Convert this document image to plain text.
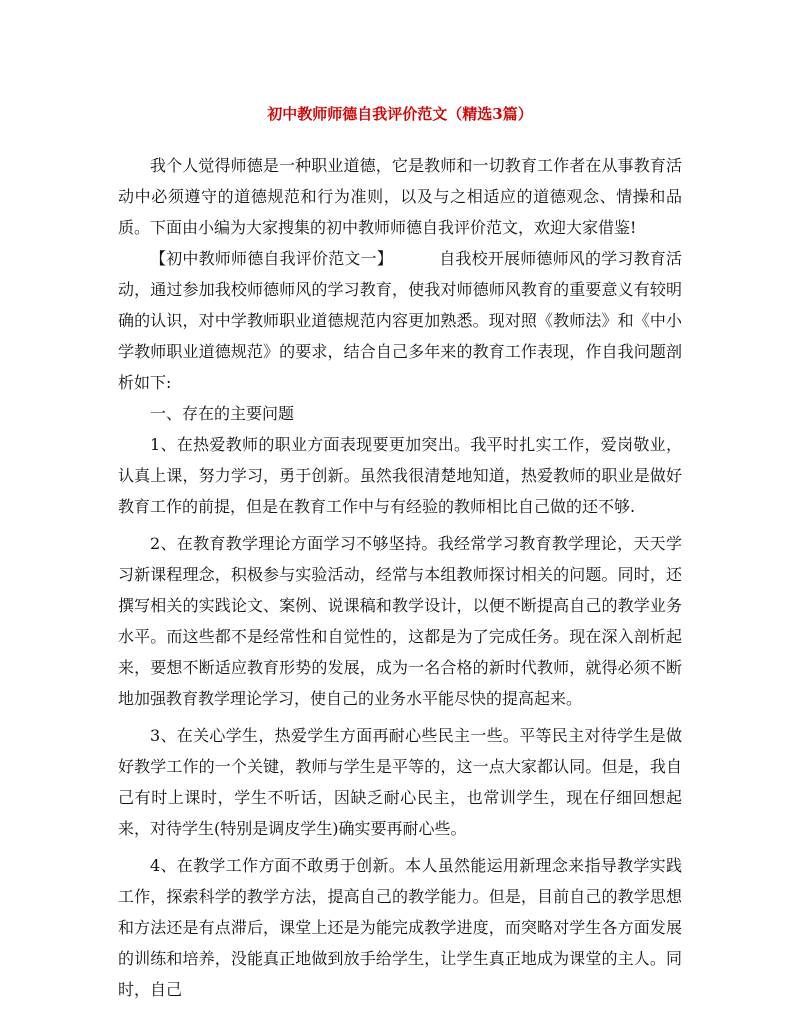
初中教师师德自我评价范文（精选3篇）

我个人觉得师德是一种职业道德，它是教师和一切教育工作者在从事教育活动中必须遵守的道德规范和行为准则，以及与之相适应的道德观念、情操和品质。下面由小编为大家搜集的初中教师师德自我评价范文，欢迎大家借鉴!

【初中教师师德自我评价范文一】	自我校开展师德师风的学习教育活动，通过参加我校师德师风的学习教育，使我对师德师风教育的重要意义有较明确的认识，对中学教师职业道德规范内容更加熟悉。现对照《教师法》和《中小学教师职业道德规范》的要求，结合自己多年来的教育工作表现，作自我问题剖析如下:

一、存在的主要问题

1、在热爱教师的职业方面表现要更加突出。我平时扎实工作，爱岗敬业，认真上课，努力学习，勇于创新。虽然我很清楚地知道，热爱教师的职业是做好教育工作的前提，但是在教育工作中与有经验的教师相比自己做的还不够.

2、在教育教学理论方面学习不够坚持。我经常学习教育教学理论，天天学习新课程理念，积极参与实验活动，经常与本组教师探讨相关的问题。同时，还撰写相关的实践论文、案例、说课稿和教学设计，以便不断提高自己的教学业务水平。而这些都不是经常性和自觉性的，这都是为了完成任务。现在深入剖析起来，要想不断适应教育形势的发展，成为一名合格的新时代教师，就得必须不断地加强教育教学理论学习，使自己的业务水平能尽快的提高起来。

3、在关心学生，热爱学生方面再耐心些民主一些。平等民主对待学生是做好教学工作的一个关键，教师与学生是平等的，这一点大家都认同。但是，我自己有时上课时，学生不听话，因缺乏耐心民主，也常训学生，现在仔细回想起来，对待学生(特别是调皮学生)确实要再耐心些。

4、在教学工作方面不敢勇于创新。本人虽然能运用新理念来指导教学实践工作，探索科学的教学方法，提高自己的教学能力。但是，目前自己的教学思想和方法还是有点滞后，课堂上还是为能完成教学进度，而突略对学生各方面发展的训练和培养，没能真正地做到放手给学生，让学生真正地成为课堂的主人。同时，自己
